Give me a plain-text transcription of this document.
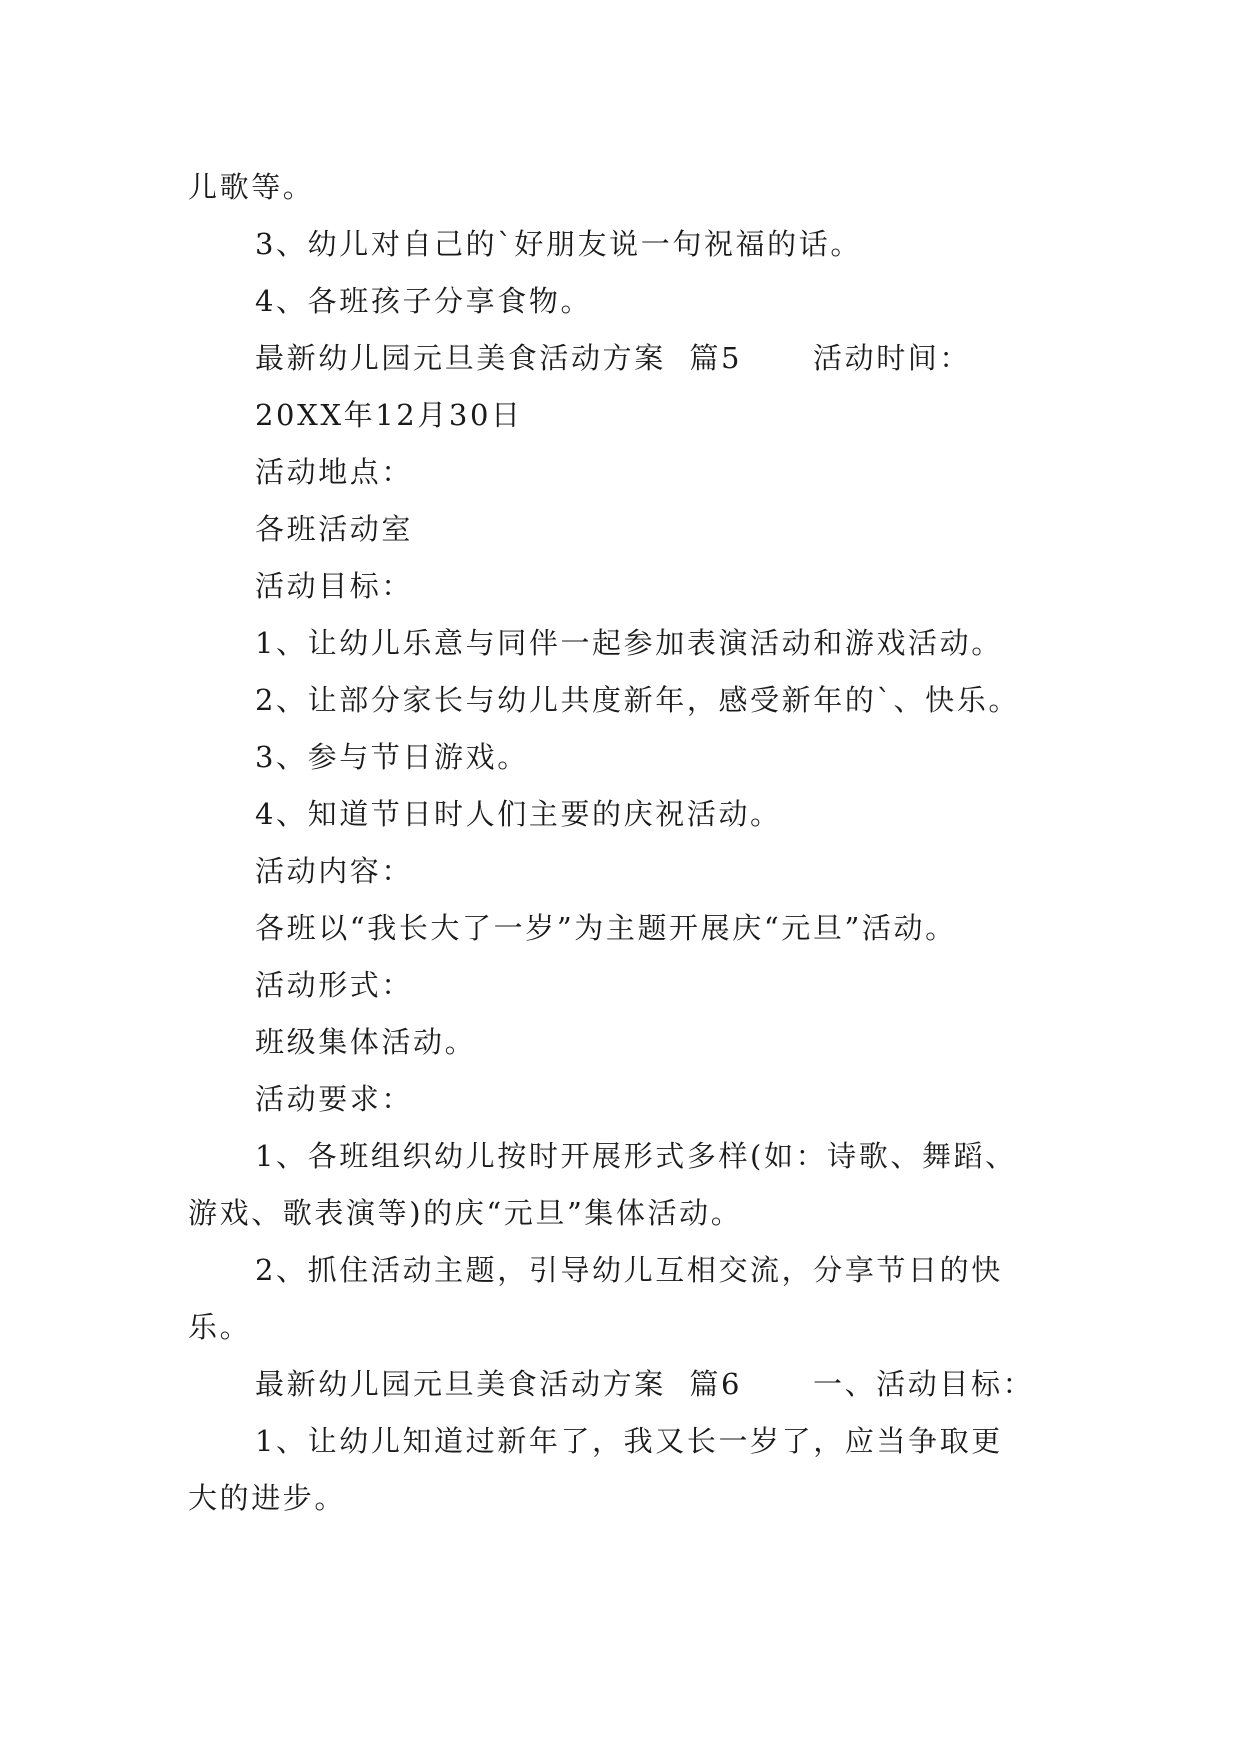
儿歌等。
3、幼儿对自己的`好朋友说一句祝福的话。
4、各班孩子分享食物。
最新幼儿园元旦美食活动方案  篇5      活动时间：
20XX年12月30日
活动地点：
各班活动室
活动目标：
1、让幼儿乐意与同伴一起参加表演活动和游戏活动。
2、让部分家长与幼儿共度新年，感受新年的`、快乐。
3、参与节日游戏。
4、知道节日时人们主要的庆祝活动。
活动内容：
各班以“我长大了一岁”为主题开展庆“元旦”活动。
活动形式：
班级集体活动。
活动要求：
1、各班组织幼儿按时开展形式多样(如：诗歌、舞蹈、
游戏、歌表演等)的庆“元旦”集体活动。
2、抓住活动主题，引导幼儿互相交流，分享节日的快
乐。
最新幼儿园元旦美食活动方案  篇6      一、活动目标：
1、让幼儿知道过新年了，我又长一岁了，应当争取更
大的进步。
